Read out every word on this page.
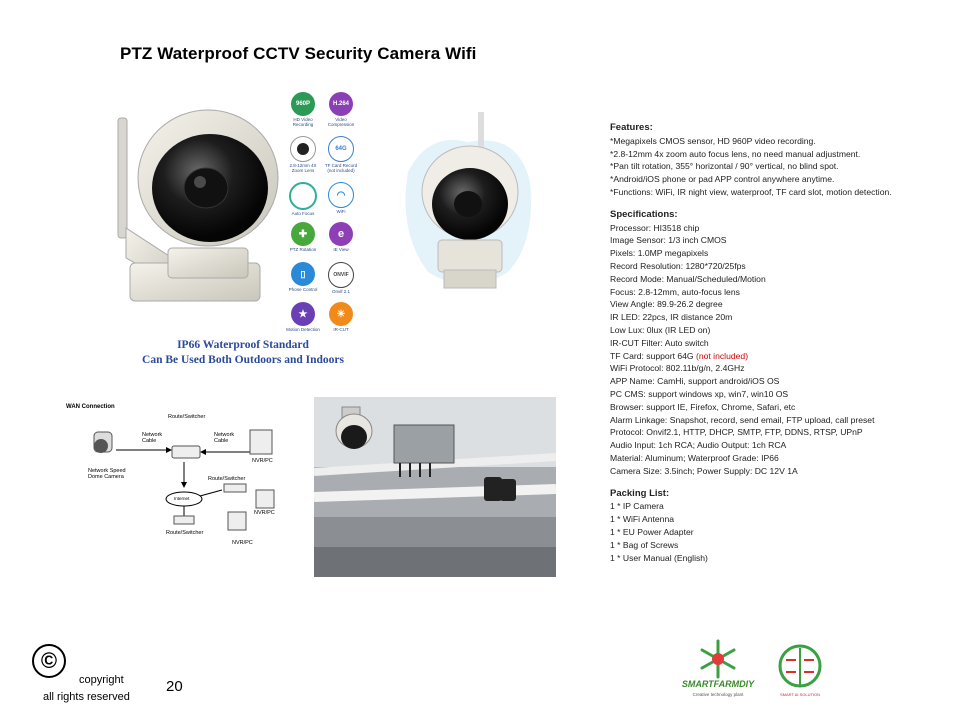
PTZ Waterproof CCTV Security Camera Wifi
960P
HD Video Recording
H.264
Video Compression
2.8-12mm 4X Zoom Lens
64G
TF Card Record (not included)
Auto Focus
◠
WiFi
✚
PTZ Rotation
e
IE View
▯
Phone Control
ONVIF
Onvif 2.1
★
Motion Detection
☀
IR-CUT
IP66 Waterproof Standard
Can Be Used Both Outdoors and Indoors
Features:
*Megapixels CMOS sensor, HD 960P video recording.
*2.8-12mm 4x zoom auto focus lens, no need manual adjustment.
*Pan tilt rotation, 355° horizontal / 90° vertical, no blind spot.
*Android/iOS phone or pad APP control anywhere anytime.
*Functions: WiFi, IR night view, waterproof, TF card slot, motion detection.
Specifications:
Processor: HI3518 chip
Image Sensor: 1/3 inch CMOS
Pixels: 1.0MP megapixels
Record Resolution: 1280*720/25fps
Record Mode: Manual/Scheduled/Motion
Focus: 2.8-12mm, auto-focus lens
View Angle: 89.9-26.2 degree
IR LED: 22pcs, IR distance 20m
Low Lux: 0lux (IR LED on)
IR-CUT Filter: Auto switch
TF Card: support 64G (not included)
WiFi Protocol: 802.11b/g/n, 2.4GHz
APP Name: CamHi, support android/iOS OS
PC CMS: support windows xp, win7, win10 OS
Browser: support IE, Firefox, Chrome, Safari, etc
Alarm Linkage: Snapshot, record, send email, FTP upload, call preset
Protocol: Onvif2.1, HTTP, DHCP, SMTP, FTP, DDNS, RTSP, UPnP
Audio Input: 1ch RCA; Audio Output: 1ch RCA
Material: Aluminum; Waterproof Grade: IP66
Camera Size: 3.5inch; Power Supply: DC 12V 1A
Packing List:
1 * IP Camera
1 * WiFi Antenna
1 * EU Power Adapter
1 * Bag of Screws
1 * User Manual (English)
WAN Connection
Route/Switcher
Network Cable
Network Cable
Network Speed Dome Camera
NVR/PC
Internet
Route/Switcher
NVR/PC
Route/Switcher
NVR/PC
©
copyright
all rights reserved
20	SMARTFARMDIY
Creative technology plant	SMART AI SOLUTION
